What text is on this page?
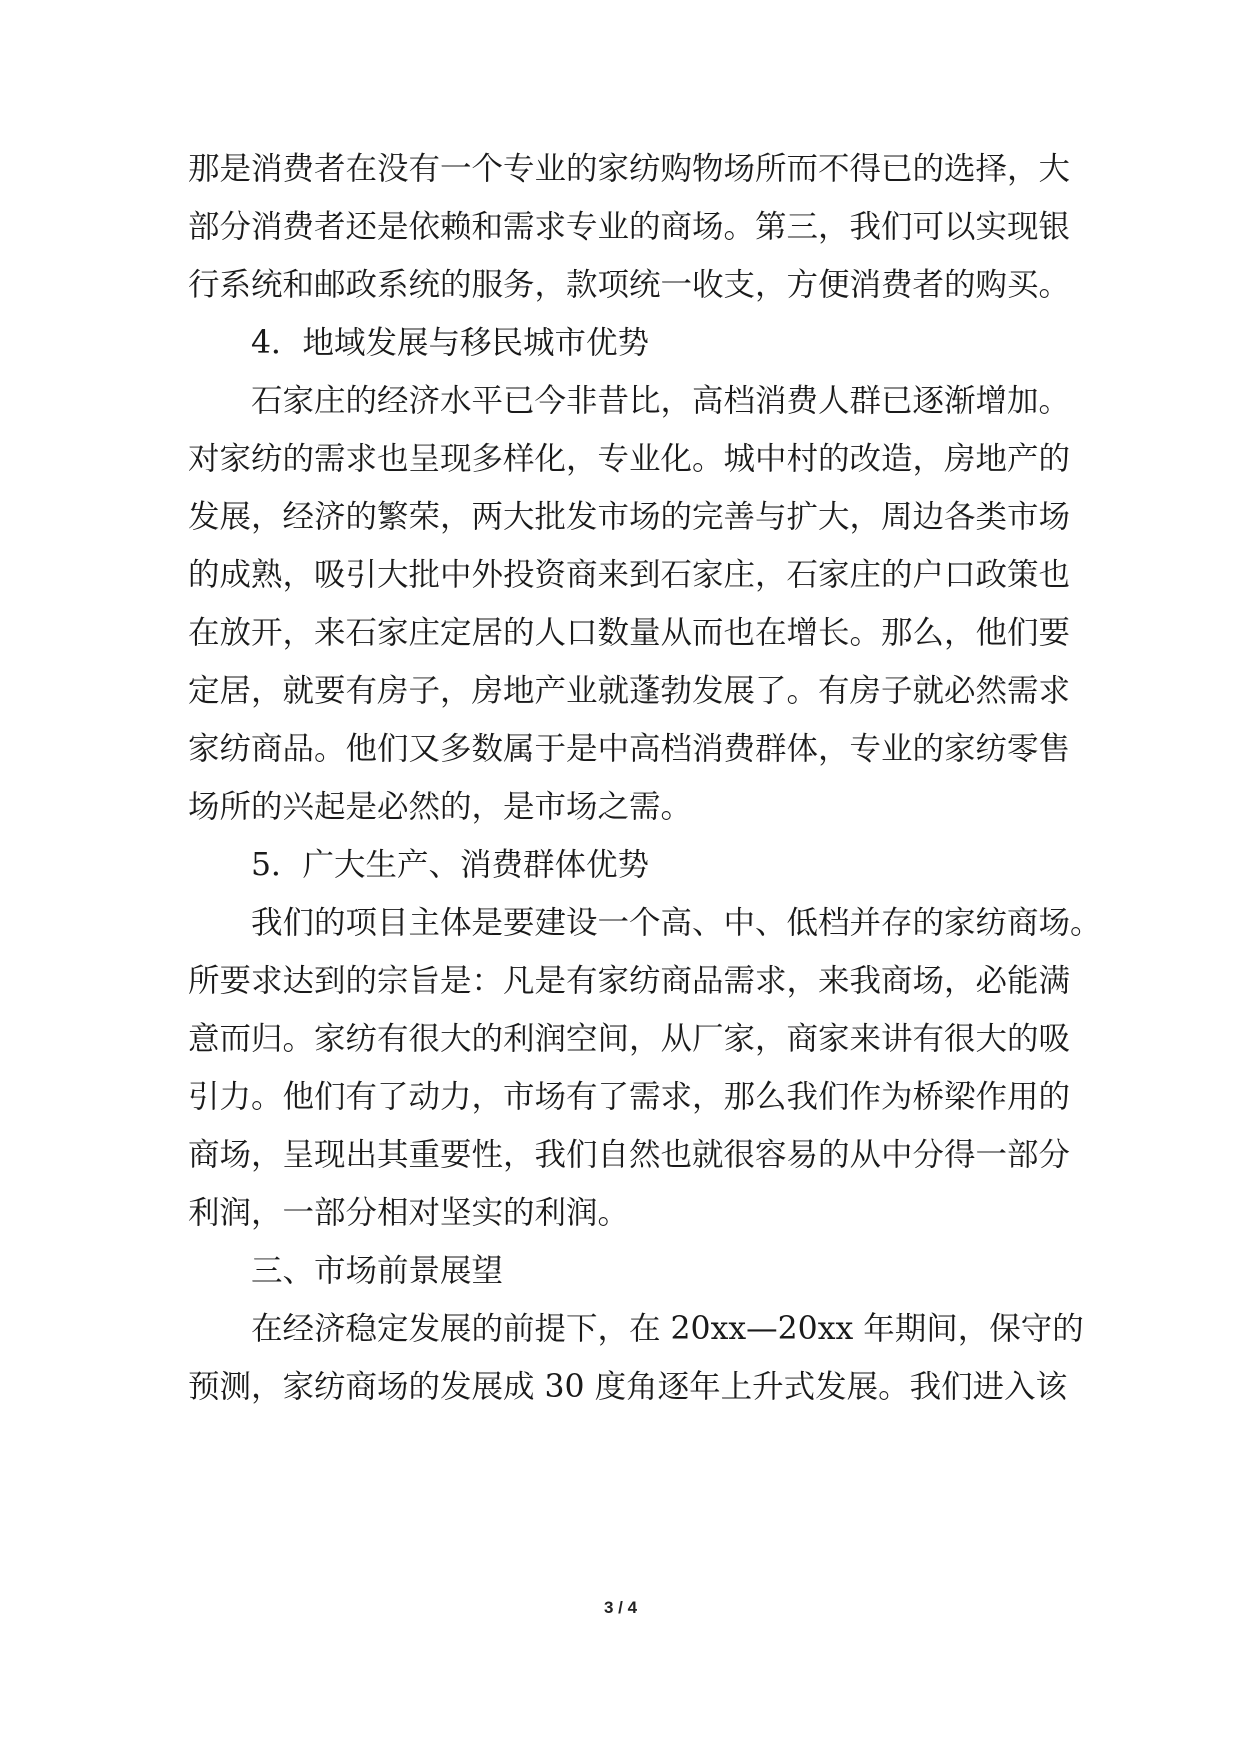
那是消费者在没有一个专业的家纺购物场所而不得已的选择，大
部分消费者还是依赖和需求专业的商场。第三，我们可以实现银
行系统和邮政系统的服务，款项统一收支，方便消费者的购买。
4．地域发展与移民城市优势
石家庄的经济水平已今非昔比，高档消费人群已逐渐增加。
对家纺的需求也呈现多样化，专业化。城中村的改造，房地产的
发展，经济的繁荣，两大批发市场的完善与扩大，周边各类市场
的成熟，吸引大批中外投资商来到石家庄，石家庄的户口政策也
在放开，来石家庄定居的人口数量从而也在增长。那么，他们要
定居，就要有房子，房地产业就蓬勃发展了。有房子就必然需求
家纺商品。他们又多数属于是中高档消费群体，专业的家纺零售
场所的兴起是必然的，是市场之需。
5．广大生产、消费群体优势
我们的项目主体是要建设一个高、中、低档并存的家纺商场。
所要求达到的宗旨是：凡是有家纺商品需求，来我商场，必能满
意而归。家纺有很大的利润空间，从厂家，商家来讲有很大的吸
引力。他们有了动力，市场有了需求，那么我们作为桥梁作用的
商场，呈现出其重要性，我们自然也就很容易的从中分得一部分
利润，一部分相对坚实的利润。
三、市场前景展望
在经济稳定发展的前提下，在 20xx—20xx 年期间，保守的
预测，家纺商场的发展成 30 度角逐年上升式发展。我们进入该
3 / 4
